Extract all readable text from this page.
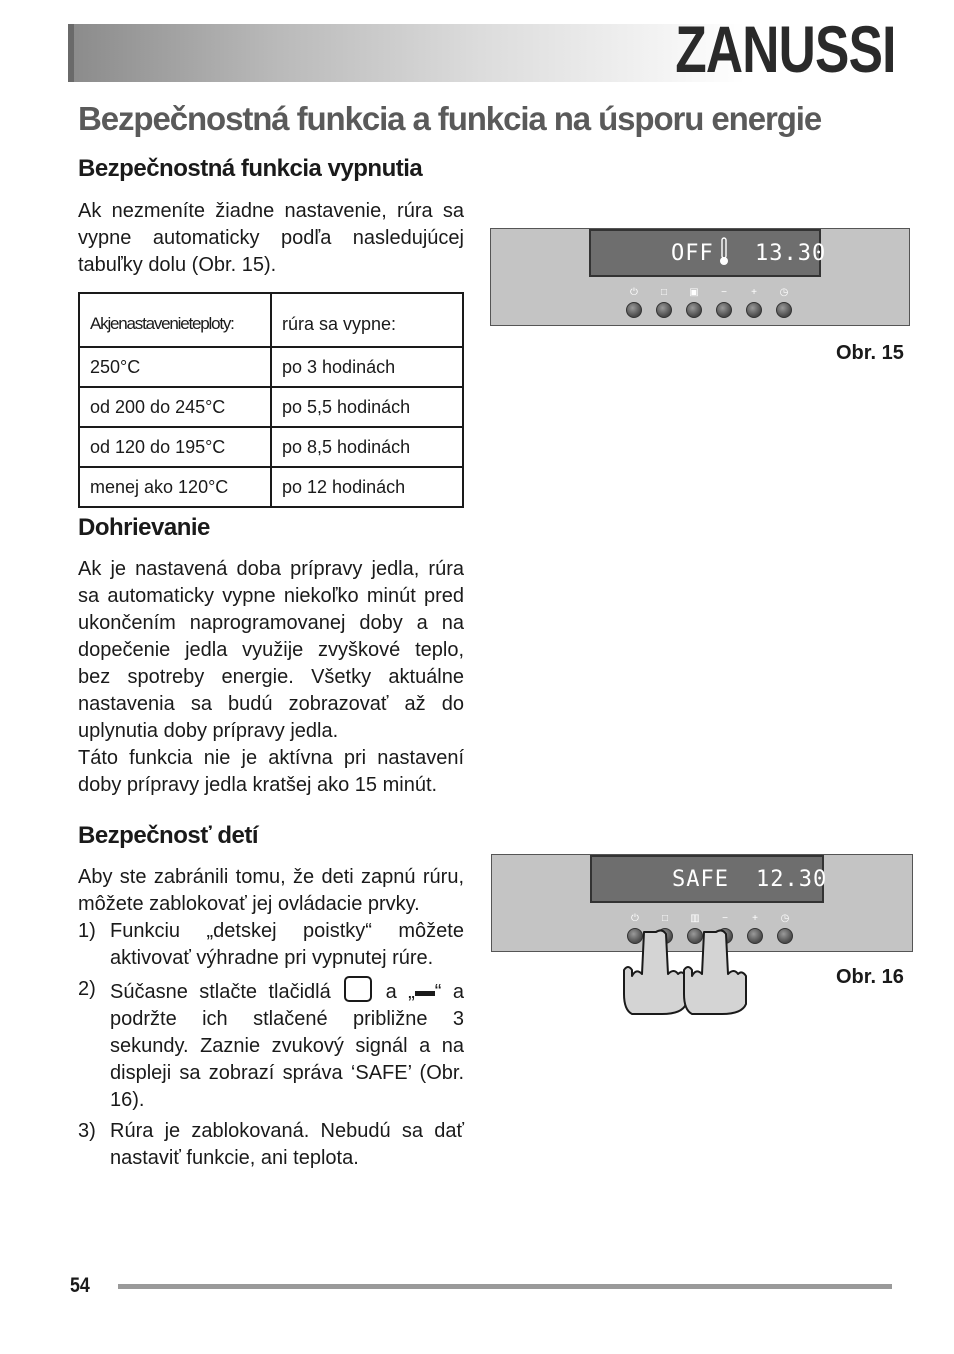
ZANUSSI
Bezpečnostná funkcia a funkcia na úsporu energie
Bezpečnostná funkcia vypnutia
Ak nezmeníte žiadne nastavenie, rúra sa vypne automaticky podľa nasledujúcej tabuľky dolu (Obr. 15).
Akjenastavenieteploty:	rúra sa vypne:
250°C	po 3 hodinách
od 200 do 245°C	po 5,5 hodinách
od 120 do 195°C	po 8,5 hodinách
menej ako 120°C	po 12 hodinách
OFF 13.30
⏻	□	▣	−	+	◷
Obr. 15
Dohrievanie
Ak je nastavená doba prípravy jedla, rúra sa automaticky vypne niekoľko minút pred ukončením naprogramovanej doby a na dopečenie jedla využije zvyškové teplo, bez spotreby energie. Všetky aktuálne nastavenia sa budú zobrazovať až do uplynutia doby prípravy jedla.
Táto funkcia nie je aktívna pri nastavení doby prípravy jedla kratšej ako 15 minút.
Bezpečnosť detí
Aby ste zabránili tomu, že deti zapnú rúru, môžete zablokovať jej ovládacie prvky.
1) Funkciu „detskej poistky“ môžete aktivovať výhradne pri vypnutej rúre.
2) Súčasne stlačte tlačidlá	a „ “ a podržte ich stlačené približne 3 sekundy. Zaznie zvukový signál a na displeji sa zobrazí správa ‘SAFE’ (Obr. 16).
3) Rúra je zablokovaná. Nebudú sa dať nastaviť funkcie, ani teplota.
SAFE 12.30
⏻	□	▥	−	+	◷
Obr. 16
54
